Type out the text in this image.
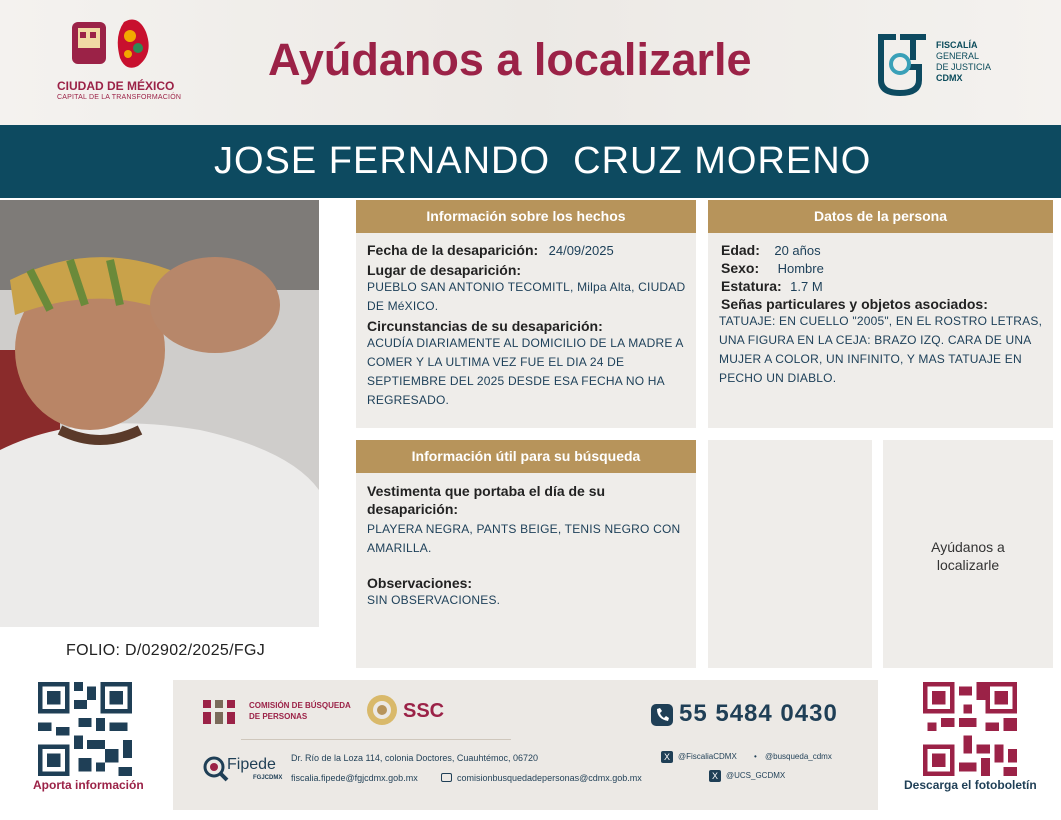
CIUDAD DE MÉXICO
CAPITAL DE LA TRANSFORMACIÓN
Ayúdanos a localizarle	FISCALÍA
GENERAL
DE JUSTICIA
CDMX
JOSE FERNANDO  CRUZ MORENO
FOLIO: D/02902/2025/FGJ
Información sobre los hechos
Fecha de la desaparición: 24/09/2025
Lugar de desaparición:
PUEBLO SAN ANTONIO TECOMITL, Milpa Alta, CIUDAD DE MéXICO.
Circunstancias de su desaparición:
ACUDÍA DIARIAMENTE AL DOMICILIO DE LA MADRE A COMER Y LA ULTIMA VEZ FUE EL DIA 24 DE SEPTIEMBRE DEL 2025 DESDE ESA FECHA NO HA REGRESADO.
Datos de la persona
Edad: 20 años
Sexo: Hombre
Estatura: 1.7 M
Señas particulares y objetos asociados:
TATUAJE: EN CUELLO "2005", EN EL ROSTRO LETRAS, UNA FIGURA EN LA CEJA: BRAZO IZQ. CARA DE UNA MUJER A COLOR, UN INFINITO, Y MAS TATUAJE EN PECHO UN DIABLO.
Información útil para su búsqueda
Vestimenta que portaba el día de su desaparición:
PLAYERA NEGRA, PANTS BEIGE, TENIS NEGRO CON AMARILLA.
Observaciones:
SIN OBSERVACIONES.
Ayúdanos a localizarle
Aporta información
COMISIÓN DE BÚSQUEDA DE PERSONAS	SSC	55 5484 0430
Fipede
FGJCDMX
Dr. Río de la Loza 114, colonia Doctores, Cuauhtémoc, 06720
fiscalia.fipede@fgjcdmx.gob.mx	comisionbusquedadepersonas@cdmx.gob.mx
X	@FiscaliaCDMX • @busqueda_cdmx
X	@UCS_GCDMX
Descarga el fotoboletín
